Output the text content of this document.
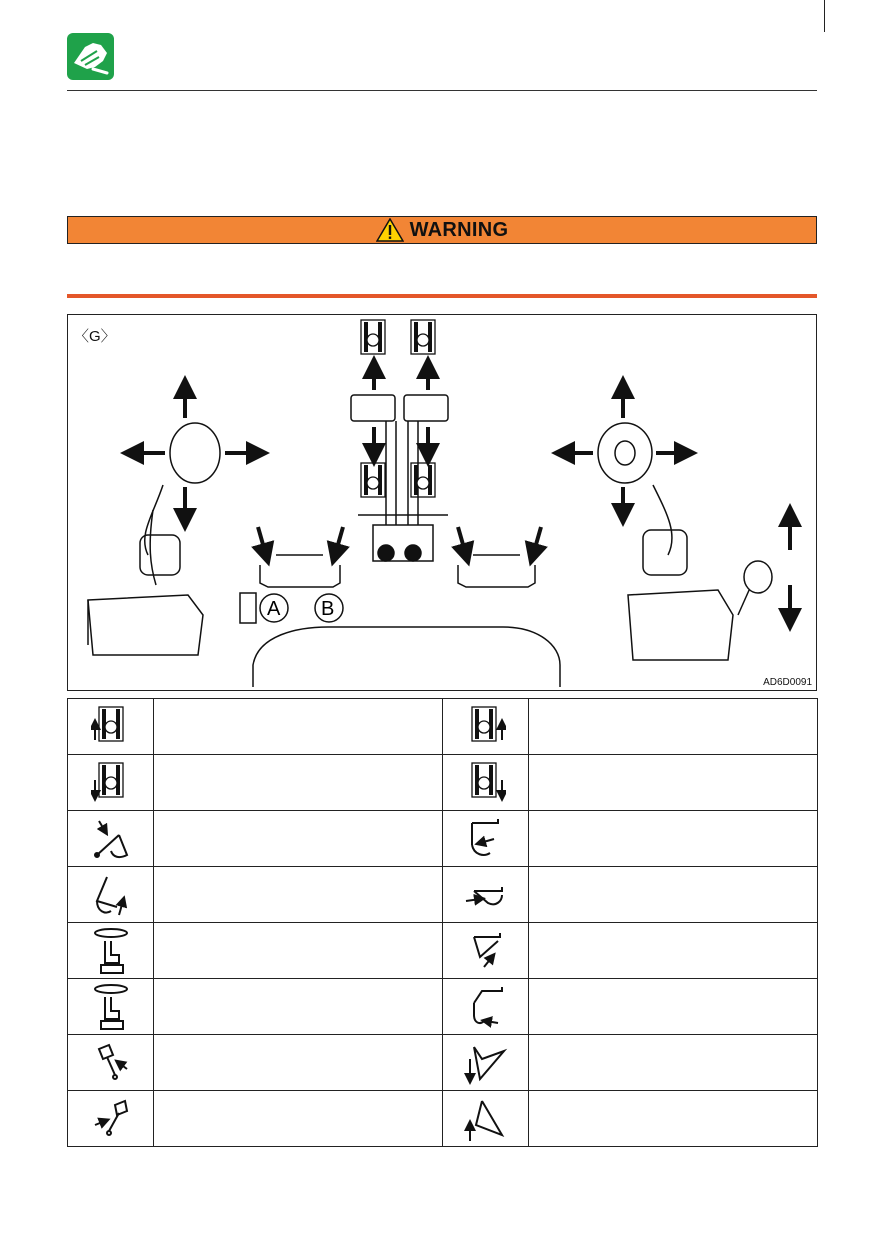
WARNING
A B
〈G〉
AD6D0091
